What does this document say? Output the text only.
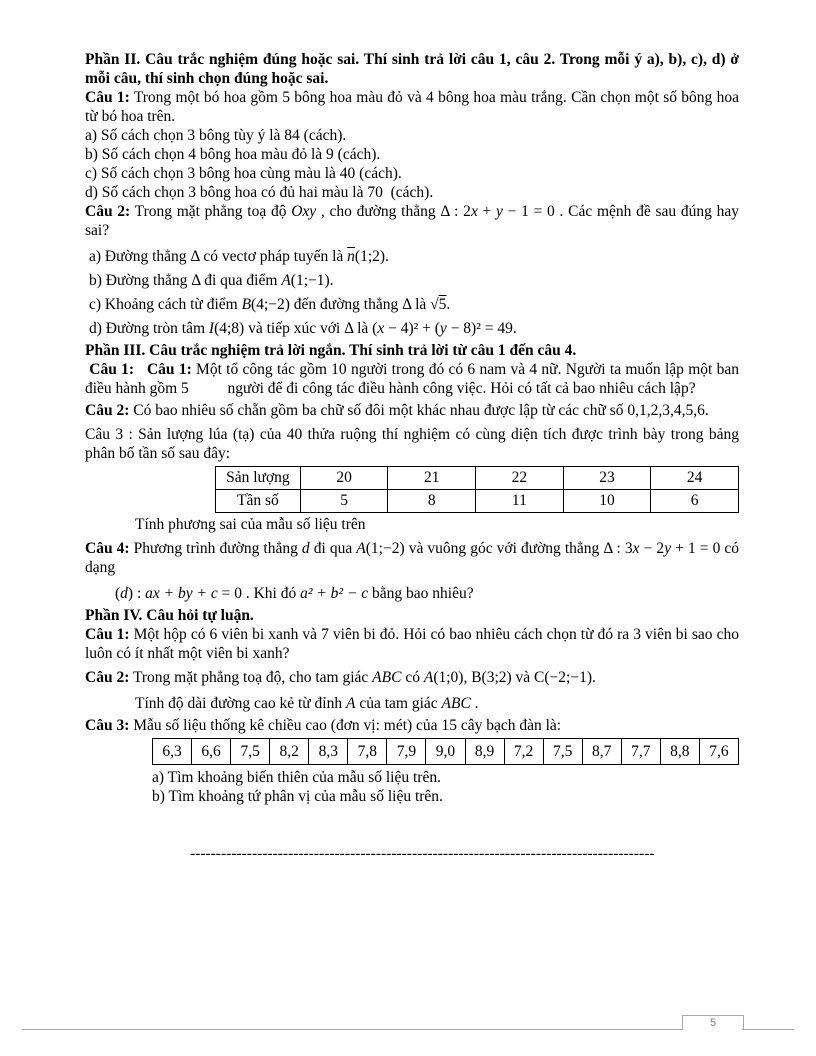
Phần II. Câu trắc nghiệm đúng hoặc sai. Thí sinh trả lời câu 1, câu 2. Trong mỗi ý a), b), c), d) ở mỗi câu, thí sinh chọn đúng hoặc sai.

Câu 1: Trong một bó hoa gồm 5 bông hoa màu đỏ và 4 bông hoa màu trắng. Cần chọn một số bông hoa từ bó hoa trên.

a) Số cách chọn 3 bông tùy ý là 84 (cách).

b) Số cách chọn 4 bông hoa màu đỏ là 9 (cách).

c) Số cách chọn 3 bông hoa cùng màu là 40 (cách).

d) Số cách chọn 3 bông hoa có đủ hai màu là 70  (cách).

Câu 2: Trong mặt phẳng toạ độ Oxy , cho đường thẳng Δ : 2x + y − 1 = 0 . Các mệnh đề sau đúng hay sai?

a) Đường thẳng Δ có vectơ pháp tuyến là $\overline{n}(1;2)$.

b) Đường thẳng Δ đi qua điểm A(1;−1).

c) Khoảng cách từ điểm B(4;−2) đến đường thẳng Δ là √5.

d) Đường tròn tâm I(4;8) và tiếp xúc với Δ là (x − 4)² + (y − 8)² = 49.

Phần III. Câu trắc nghiệm trả lời ngắn. Thí sinh trả lời từ câu 1 đến câu 4.

Câu 1: Câu 1: Một tổ công tác gồm 10 người trong đó có 6 nam và 4 nữ. Người ta muốn lập một ban điều hành gồm 5          người để đi công tác điều hành công việc. Hỏi có tất cả bao nhiêu cách lập?

Câu 2: Có bao nhiêu số chẵn gồm ba chữ số đôi một khác nhau được lập từ các chữ số 0,1,2,3,4,5,6.

Câu 3 : Sản lượng lúa (tạ) của 40 thửa ruộng thí nghiệm có cùng diện tích được trình bày trong bảng phân bố tần số sau đây:

Sản lượng	20	21	22	23	24
Tần số	5	8	11	10	6

Tính phương sai của mẫu số liệu trên

Câu 4: Phương trình đường thẳng d đi qua A(1;−2) và vuông góc với đường thẳng Δ : 3x − 2y + 1 = 0 có dạng

(d) : ax + by + c = 0 . Khi đó a² + b² − c bằng bao nhiêu?

Phần IV. Câu hỏi tự luận.

Câu 1: Một hộp có 6 viên bi xanh và 7 viên bi đỏ. Hỏi có bao nhiêu cách chọn từ đó ra 3 viên bi sao cho luôn có ít nhất một viên bi xanh?

Câu 2: Trong mặt phẳng toạ độ, cho tam giác ABC có A(1;0), B(3;2) và C(−2;−1).

Tính độ dài đường cao kẻ từ đỉnh A của tam giác ABC .

Câu 3: Mẫu số liệu thống kê chiều cao (đơn vị: mét) của 15 cây bạch đàn là:

6,3	6,6	7,5	8,2	8,3	7,8	7,9	9,0	8,9	7,2	7,5	8,7	7,7	8,8	7,6

a) Tìm khoảng biến thiên của mẫu số liệu trên.

b) Tìm khoảng tứ phân vị của mẫu số liệu trên.

------------------------------------------------------------------------------------------

5
